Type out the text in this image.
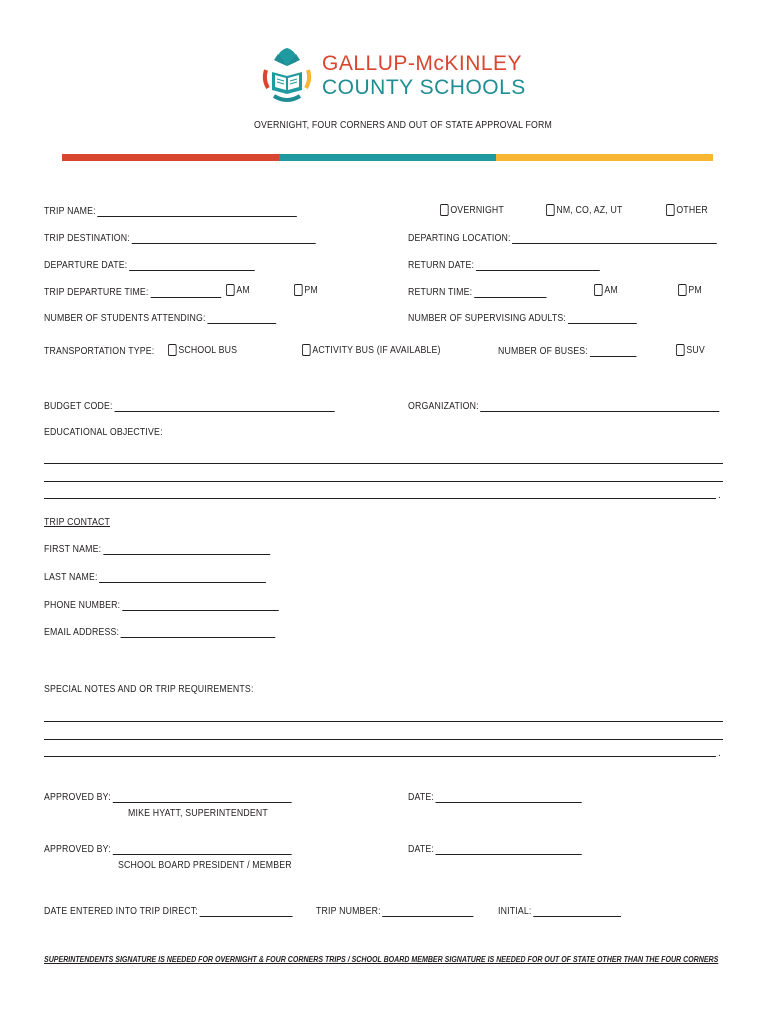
GALLUP-McKINLEY
COUNTY SCHOOLS
OVERNIGHT, FOUR CORNERS AND OUT OF STATE APPROVAL FORM
TRIP NAME:	OVERNIGHT	NM, CO, AZ, UT	OTHER
TRIP DESTINATION:	DEPARTING LOCATION:
DEPARTURE DATE:	RETURN DATE:
TRIP DEPARTURE TIME:	AM	PM	RETURN TIME:	AM	PM
NUMBER OF STUDENTS ATTENDING:	NUMBER OF SUPERVISING ADULTS:
TRANSPORTATION TYPE: SCHOOL BUS	ACTIVITY BUS (IF AVAILABLE)	NUMBER OF BUSES:	SUV
BUDGET CODE:	ORGANIZATION:
EDUCATIONAL OBJECTIVE:
.
TRIP CONTACT
FIRST NAME:
LAST NAME:
PHONE NUMBER:
EMAIL ADDRESS:
SPECIAL NOTES AND OR TRIP REQUIREMENTS:
.
APPROVED BY:	DATE:
MIKE HYATT, SUPERINTENDENT
APPROVED BY:	DATE:
SCHOOL BOARD PRESIDENT / MEMBER
DATE ENTERED INTO TRIP DIRECT:	TRIP NUMBER:	INITIAL:
SUPERINTENDENTS SIGNATURE IS NEEDED FOR OVERNIGHT & FOUR CORNERS TRIPS / SCHOOL BOARD MEMBER SIGNATURE IS NEEDED FOR OUT OF STATE OTHER THAN THE FOUR CORNERS
